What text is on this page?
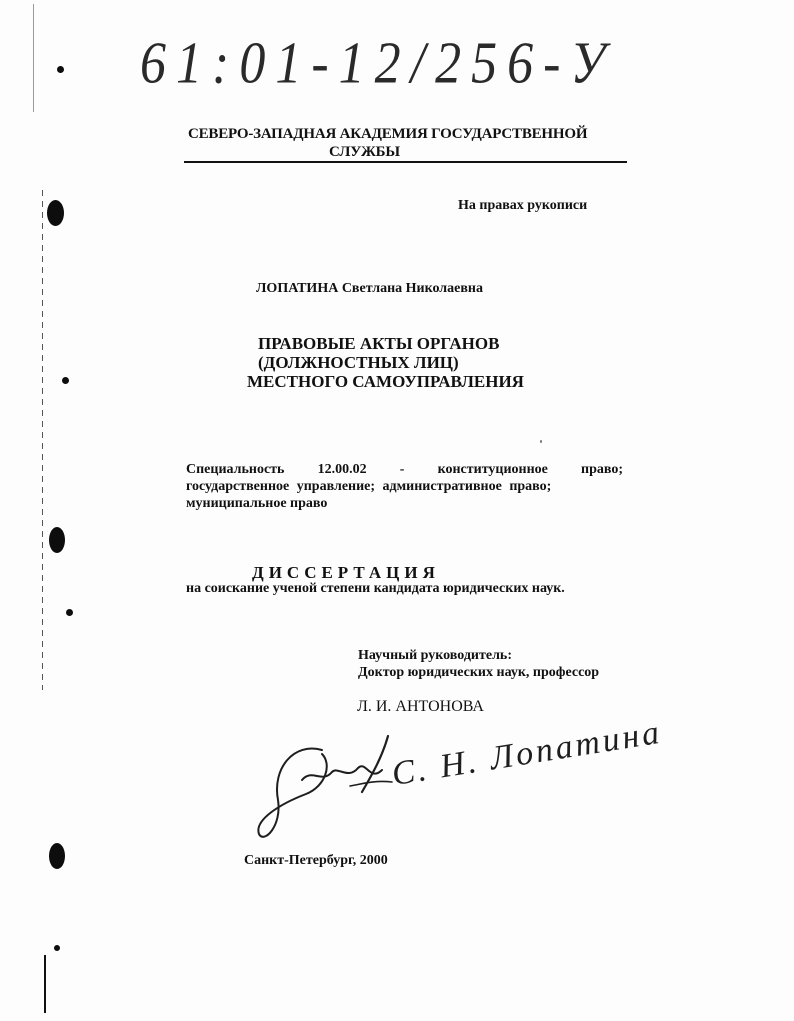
61:01-12/256-У
СЕВЕРО-ЗАПАДНАЯ АКАДЕМИЯ ГОСУДАРСТВЕННОЙ
СЛУЖБЫ
На правах рукописи
ЛОПАТИНА Светлана Николаевна
ПРАВОВЫЕ АКТЫ ОРГАНОВ
(ДОЛЖНОСТНЫХ ЛИЦ)
МЕСТНОГО САМОУПРАВЛЕНИЯ
Специальность 12.00.02 - конституционное право;
государственное управление; административное право;
муниципальное право
ДИССЕРТАЦИЯ
на соискание ученой степени кандидата юридических наук.
Научный руководитель:
Доктор юридических наук, профессор
Л. И. АНТОНОВА
С. Н. Лопатина
Санкт-Петербург, 2000
